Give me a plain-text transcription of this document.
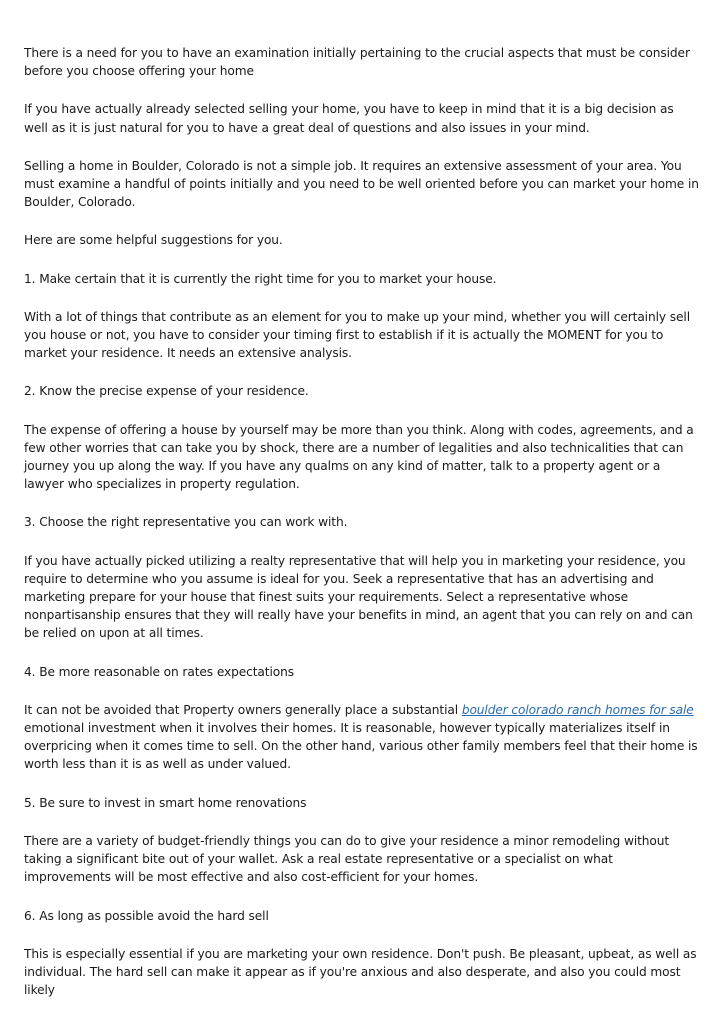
There is a need for you to have an examination initially pertaining to the crucial aspects that must be consider before you choose offering your home

If you have actually already selected selling your home, you have to keep in mind that it is a big decision as well as it is just natural for you to have a great deal of questions and also issues in your mind.

Selling a home in Boulder, Colorado is not a simple job. It requires an extensive assessment of your area. You must examine a handful of points initially and you need to be well oriented before you can market your home in Boulder, Colorado.

Here are some helpful suggestions for you.

1. Make certain that it is currently the right time for you to market your house.

With a lot of things that contribute as an element for you to make up your mind, whether you will certainly sell you house or not, you have to consider your timing first to establish if it is actually the MOMENT for you to market your residence. It needs an extensive analysis.

2. Know the precise expense of your residence.

The expense of offering a house by yourself may be more than you think. Along with codes, agreements, and a few other worries that can take you by shock, there are a number of legalities and also technicalities that can journey you up along the way. If you have any qualms on any kind of matter, talk to a property agent or a lawyer who specializes in property regulation.

3. Choose the right representative you can work with.

If you have actually picked utilizing a realty representative that will help you in marketing your residence, you require to determine who you assume is ideal for you. Seek a representative that has an advertising and marketing prepare for your house that finest suits your requirements. Select a representative whose nonpartisanship ensures that they will really have your benefits in mind, an agent that you can rely on and can be relied on upon at all times.

4. Be more reasonable on rates expectations

It can not be avoided that Property owners generally place a substantial boulder colorado ranch homes for sale emotional investment when it involves their homes. It is reasonable, however typically materializes itself in overpricing when it comes time to sell. On the other hand, various other family members feel that their home is worth less than it is as well as under valued.

5. Be sure to invest in smart home renovations

There are a variety of budget-friendly things you can do to give your residence a minor remodeling without taking a significant bite out of your wallet. Ask a real estate representative or a specialist on what improvements will be most effective and also cost-efficient for your homes.

6. As long as possible avoid the hard sell

This is especially essential if you are marketing your own residence. Don't push. Be pleasant, upbeat, as well as individual. The hard sell can make it appear as if you're anxious and also desperate, and also you could most likely
